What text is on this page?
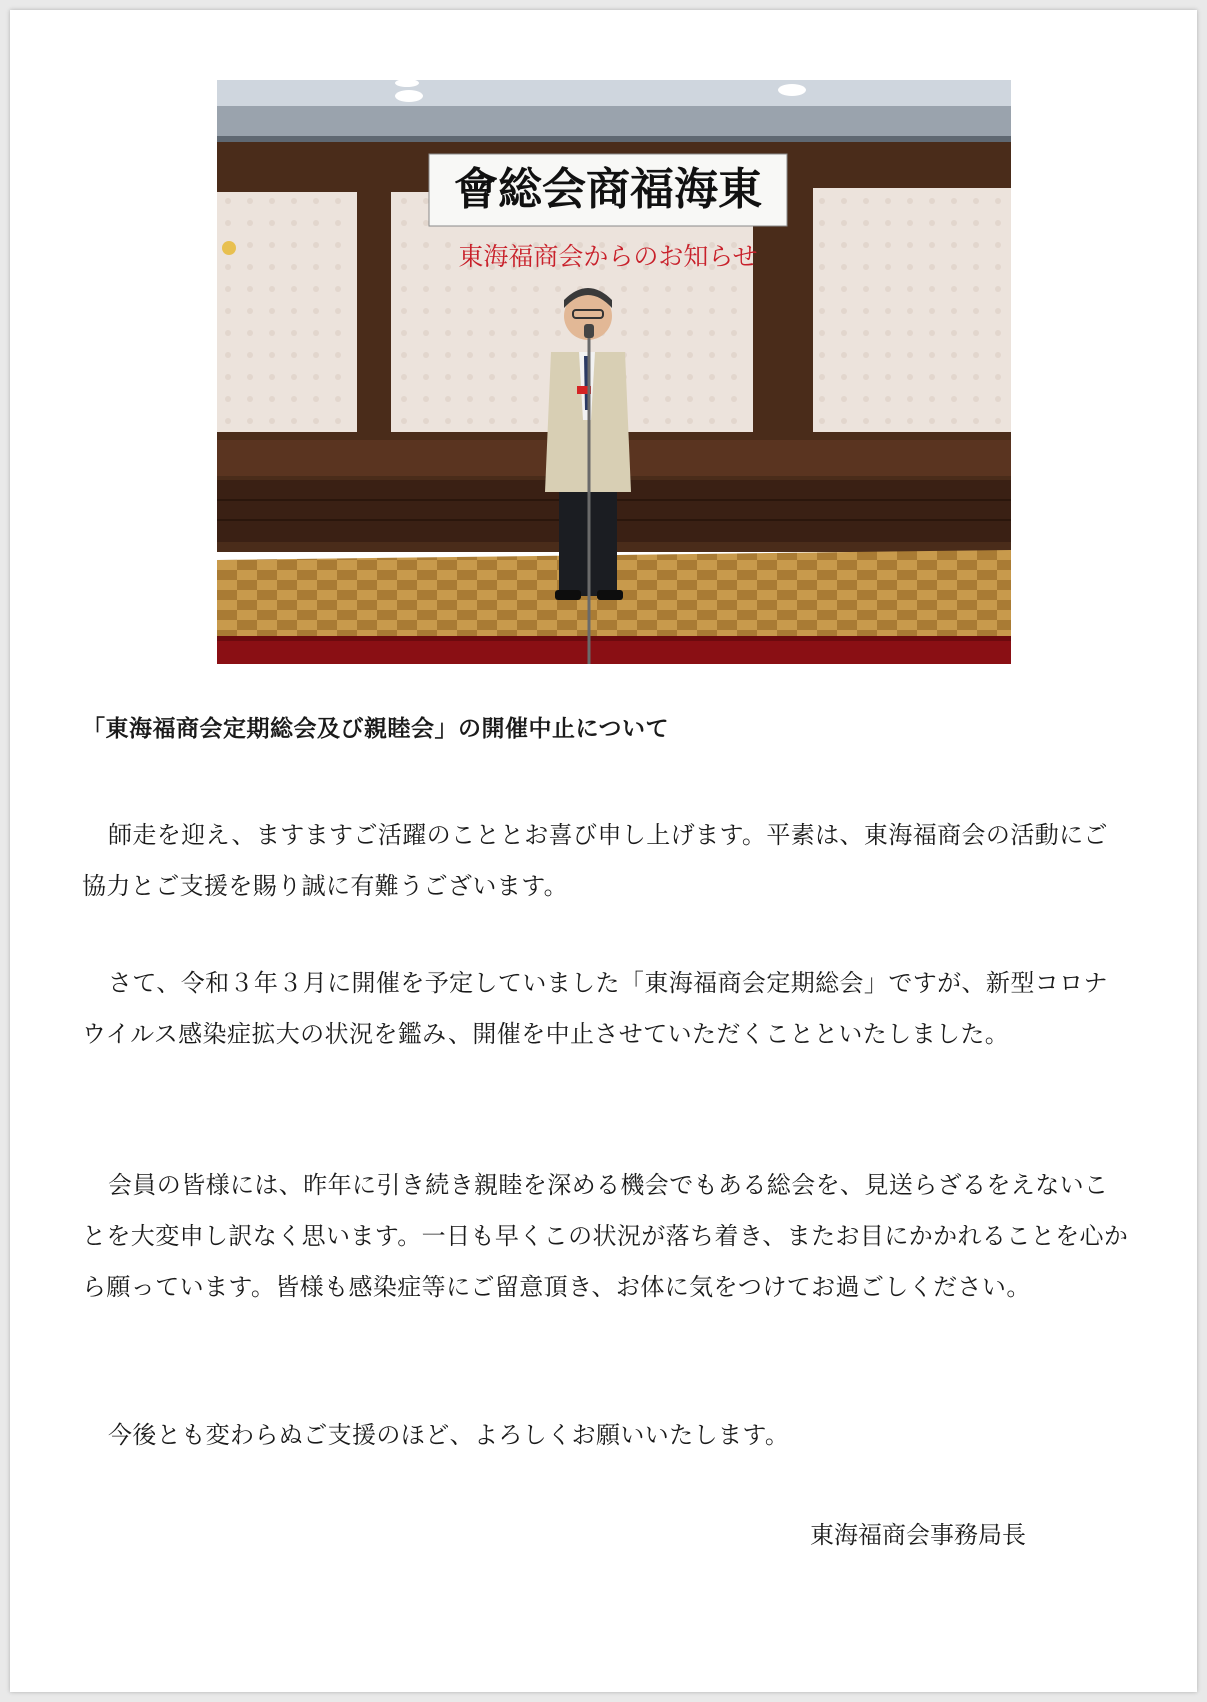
會総会商福海東
東海福商会からのお知らせ
「東海福商会定期総会及び親睦会」の開催中止について

師走を迎え、ますますご活躍のこととお喜び申し上げます。平素は、東海福商会の活動にご協力とご支援を賜り誠に有難うございます。

さて、令和３年３月に開催を予定していました「東海福商会定期総会」ですが、新型コロナウイルス感染症拡大の状況を鑑み、開催を中止させていただくことといたしました。

会員の皆様には、昨年に引き続き親睦を深める機会でもある総会を、見送らざるをえないことを大変申し訳なく思います。一日も早くこの状況が落ち着き、またお目にかかれることを心から願っています。皆様も感染症等にご留意頂き、お体に気をつけてお過ごしください。

今後とも変わらぬご支援のほど、よろしくお願いいたします。

東海福商会事務局長
